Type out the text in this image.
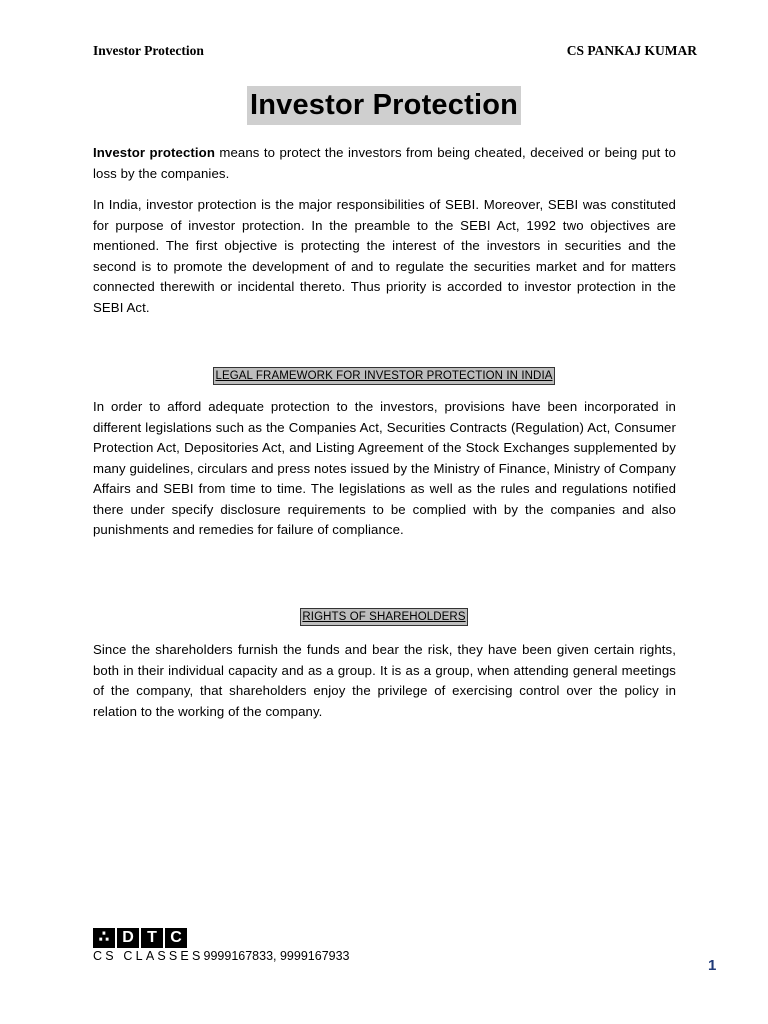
Investor Protection	CS PANKAJ KUMAR
Investor Protection

Investor protection means to protect the investors from being cheated, deceived or being put to loss by the companies.

In India, investor protection is the major responsibilities of SEBI. Moreover, SEBI was constituted for purpose of investor protection. In the preamble to the SEBI Act, 1992 two objectives are mentioned. The first objective is protecting the interest of the investors in securities and the second is to promote the development of and to regulate the securities market and for matters connected therewith or incidental thereto. Thus priority is accorded to investor protection in the SEBI Act.

LEGAL FRAMEWORK FOR INVESTOR PROTECTION IN INDIA

In order to afford adequate protection to the investors, provisions have been incorporated in different legislations such as the Companies Act, Securities Contracts (Regulation) Act, Consumer Protection Act, Depositories Act, and Listing Agreement of the Stock Exchanges supplemented by many guidelines, circulars and press notes issued by the Ministry of Finance, Ministry of Company Affairs and SEBI from time to time. The legislations as well as the rules and regulations notified there under specify disclosure requirements to be complied with by the companies and also punishments and remedies for failure of compliance.

RIGHTS OF SHAREHOLDERS

Since the shareholders furnish the funds and bear the risk, they have been given certain rights, both in their individual capacity and as a group. It is as a group, when attending general meetings of the company, that shareholders enjoy the privilege of exercising control over the policy in relation to the working of the company.

∴ D T C
CS CLASSES9999167833, 9999167933
1
